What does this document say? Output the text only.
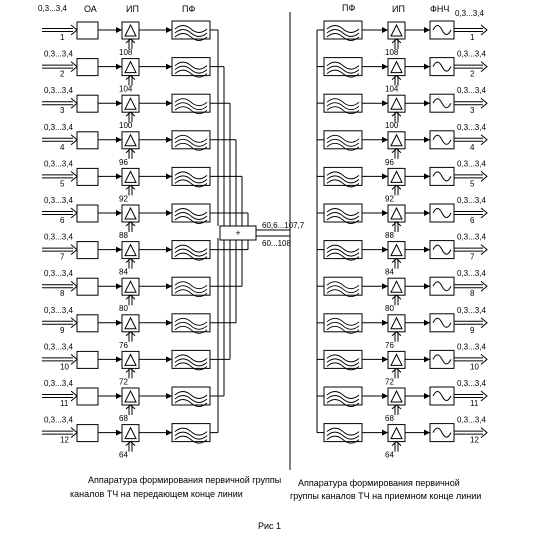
0,3...3,4 ОА	ИП	ПФ
1
108
0,3...3,4
2
104
0,3...3,4
3
100
0,3...3,4
4
96
0,3...3,4
5
92
0,3...3,4
6
88
0,3...3,4
7
84
0,3...3,4
8
80
0,3...3,4
9
76
0,3...3,4
10
72
0,3...3,4
11
68
0,3...3,4
12
64
+
60,6...107,7
60...108
ПФ	ИП	ФНЧ 0,3...3,4
108
1
104
0,3...3,4
2
100
0,3...3,4
3
96
0,3...3,4
4
92
0,3...3,4
5
88
0,3...3,4
6
84
0,3...3,4
7
80
0,3...3,4
8
76
0,3...3,4
9
72
0,3...3,4
10
68
0,3...3,4
11
64
0,3...3,4
12
Аппаратура формирования первичной группы
каналов ТЧ на передающем конце линии
Аппаратура формирования первичной
группы каналов ТЧ на приемном конце линии
Рис 1
